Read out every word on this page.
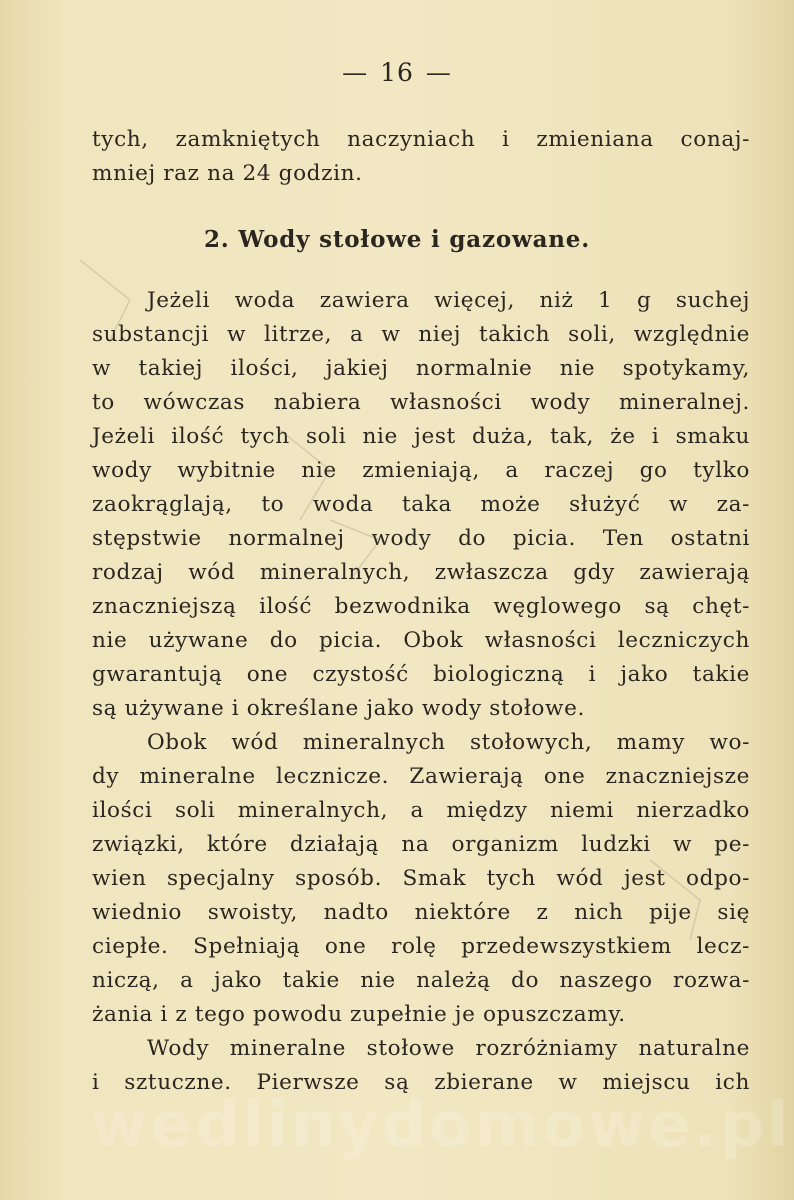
— 16 —
tych, zamkniętych naczyniach i zmieniana conaj-
mniej raz na 24 godzin.
2. Wody stołowe i gazowane.
Jeżeli woda zawiera więcej, niż 1 g suchej
substancji w litrze, a w niej takich soli, względnie
w takiej ilości, jakiej normalnie nie spotykamy,
to wówczas nabiera własności wody mineralnej.
Jeżeli ilość tych soli nie jest duża, tak, że i smaku
wody wybitnie nie zmieniają, a raczej go tylko
zaokrąglają, to woda taka może służyć w za-
stępstwie normalnej wody do picia. Ten ostatni
rodzaj wód mineralnych, zwłaszcza gdy zawierają
znaczniejszą ilość bezwodnika węglowego są chęt-
nie używane do picia. Obok własności leczniczych
gwarantują one czystość biologiczną i jako takie
są używane i określane jako wody stołowe.
Obok wód mineralnych stołowych, mamy wo-
dy mineralne lecznicze. Zawierają one znaczniejsze
ilości soli mineralnych, a między niemi nierzadko
związki, które działają na organizm ludzki w pe-
wien specjalny sposób. Smak tych wód jest odpo-
wiednio swoisty, nadto niektóre z nich pije się
ciepłe. Spełniają one rolę przedewszystkiem lecz-
niczą, a jako takie nie należą do naszego rozwa-
żania i z tego powodu zupełnie je opuszczamy.
Wody mineralne stołowe rozróżniamy naturalne
i sztuczne. Pierwsze są zbierane w miejscu ich
wedlinydomowe.pl
